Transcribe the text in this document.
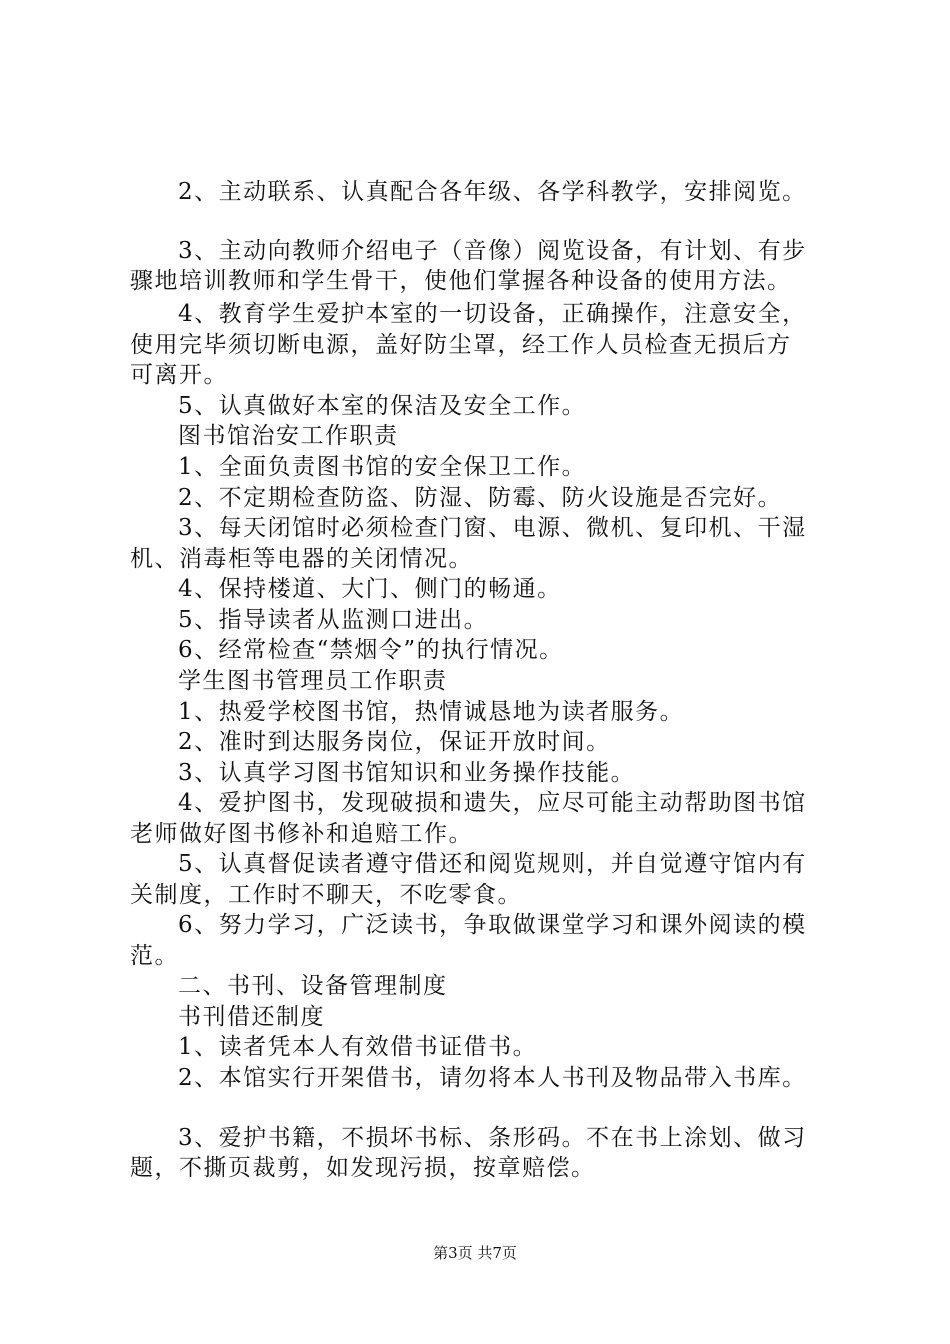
2、主动联系、认真配合各年级、各学科教学，安排阅览。
3、主动向教师介绍电子（音像）阅览设备，有计划、有步
骤地培训教师和学生骨干，使他们掌握各种设备的使用方法。
4、教育学生爱护本室的一切设备，正确操作，注意安全，
使用完毕须切断电源，盖好防尘罩，经工作人员检查无损后方
可离开。
5、认真做好本室的保洁及安全工作。
图书馆治安工作职责
1、全面负责图书馆的安全保卫工作。
2、不定期检查防盗、防湿、防霉、防火设施是否完好。
3、每天闭馆时必须检查门窗、电源、微机、复印机、干湿
机、消毒柜等电器的关闭情况。
4、保持楼道、大门、侧门的畅通。
5、指导读者从监测口进出。
6、经常检查“禁烟令”的执行情况。
学生图书管理员工作职责
1、热爱学校图书馆，热情诚恳地为读者服务。
2、准时到达服务岗位，保证开放时间。
3、认真学习图书馆知识和业务操作技能。
4、爱护图书，发现破损和遗失，应尽可能主动帮助图书馆
老师做好图书修补和追赔工作。
5、认真督促读者遵守借还和阅览规则，并自觉遵守馆内有
关制度，工作时不聊天，不吃零食。
6、努力学习，广泛读书，争取做课堂学习和课外阅读的模
范。
二、书刊、设备管理制度
书刊借还制度
1、读者凭本人有效借书证借书。
2、本馆实行开架借书，请勿将本人书刊及物品带入书库。
3、爱护书籍，不损坏书标、条形码。不在书上涂划、做习
题，不撕页裁剪，如发现污损，按章赔偿。
第3页 共7页
